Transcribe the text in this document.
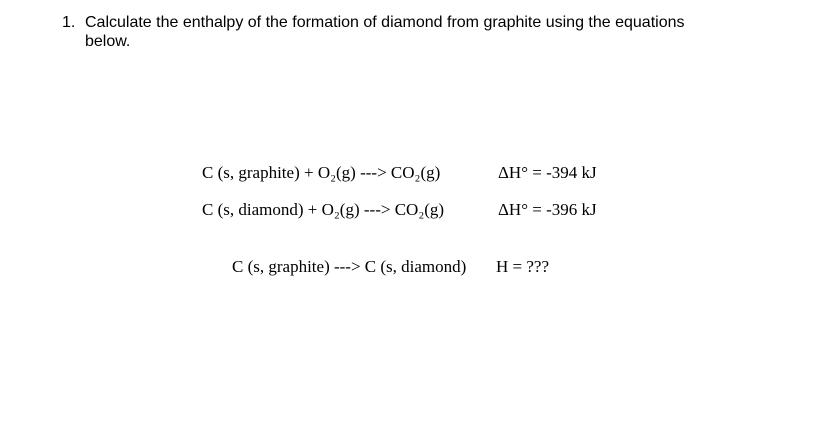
1. Calculate the enthalpy of the formation of diamond from graphite using the equations below.
C (s, graphite) + O₂(g) ---> CO₂(g)	ΔH° = -394 kJ
C (s, diamond) + O₂(g) ---> CO₂(g)	ΔH° = -396 kJ
C (s, graphite) ---> C (s, diamond) H = ???
